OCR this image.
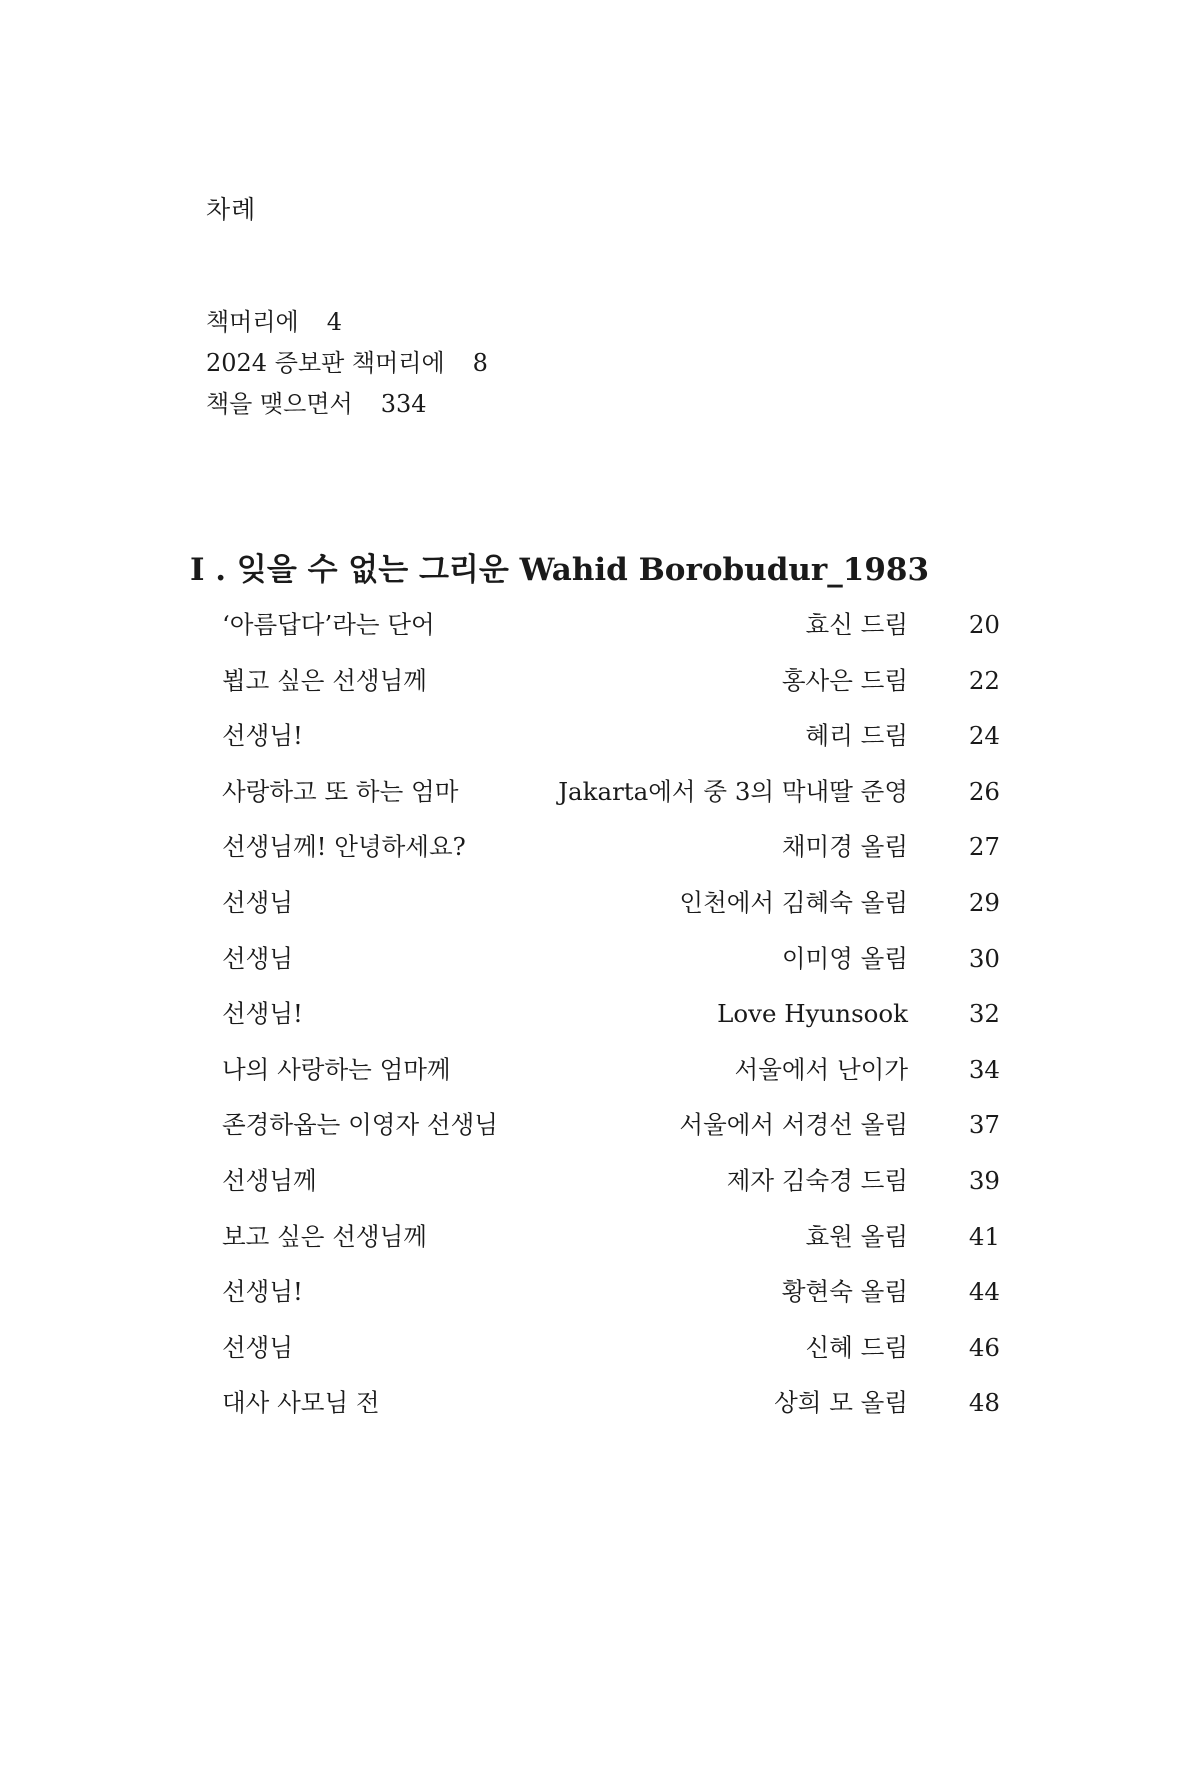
차례
책머리에 4
2024 증보판 책머리에 8
책을 맺으면서 334
I . 잊을 수 없는 그리운 Wahid Borobudur_1983
‘아름답다’라는 단어	효신 드림 20
뵙고 싶은 선생님께	홍사은 드림 22
선생님!	혜리 드림 24
사랑하고 또 하는 엄마	Jakarta에서 중 3의 막내딸 준영 26
선생님께! 안녕하세요?	채미경 올림 27
선생님	인천에서 김혜숙 올림 29
선생님	이미영 올림 30
선생님!	Love Hyunsook 32
나의 사랑하는 엄마께	서울에서 난이가 34
존경하옵는 이영자 선생님	서울에서 서경선 올림 37
선생님께	제자 김숙경 드림 39
보고 싶은 선생님께	효원 올림 41
선생님!	황현숙 올림 44
선생님	신혜 드림 46
대사 사모님 전	상희 모 올림 48
